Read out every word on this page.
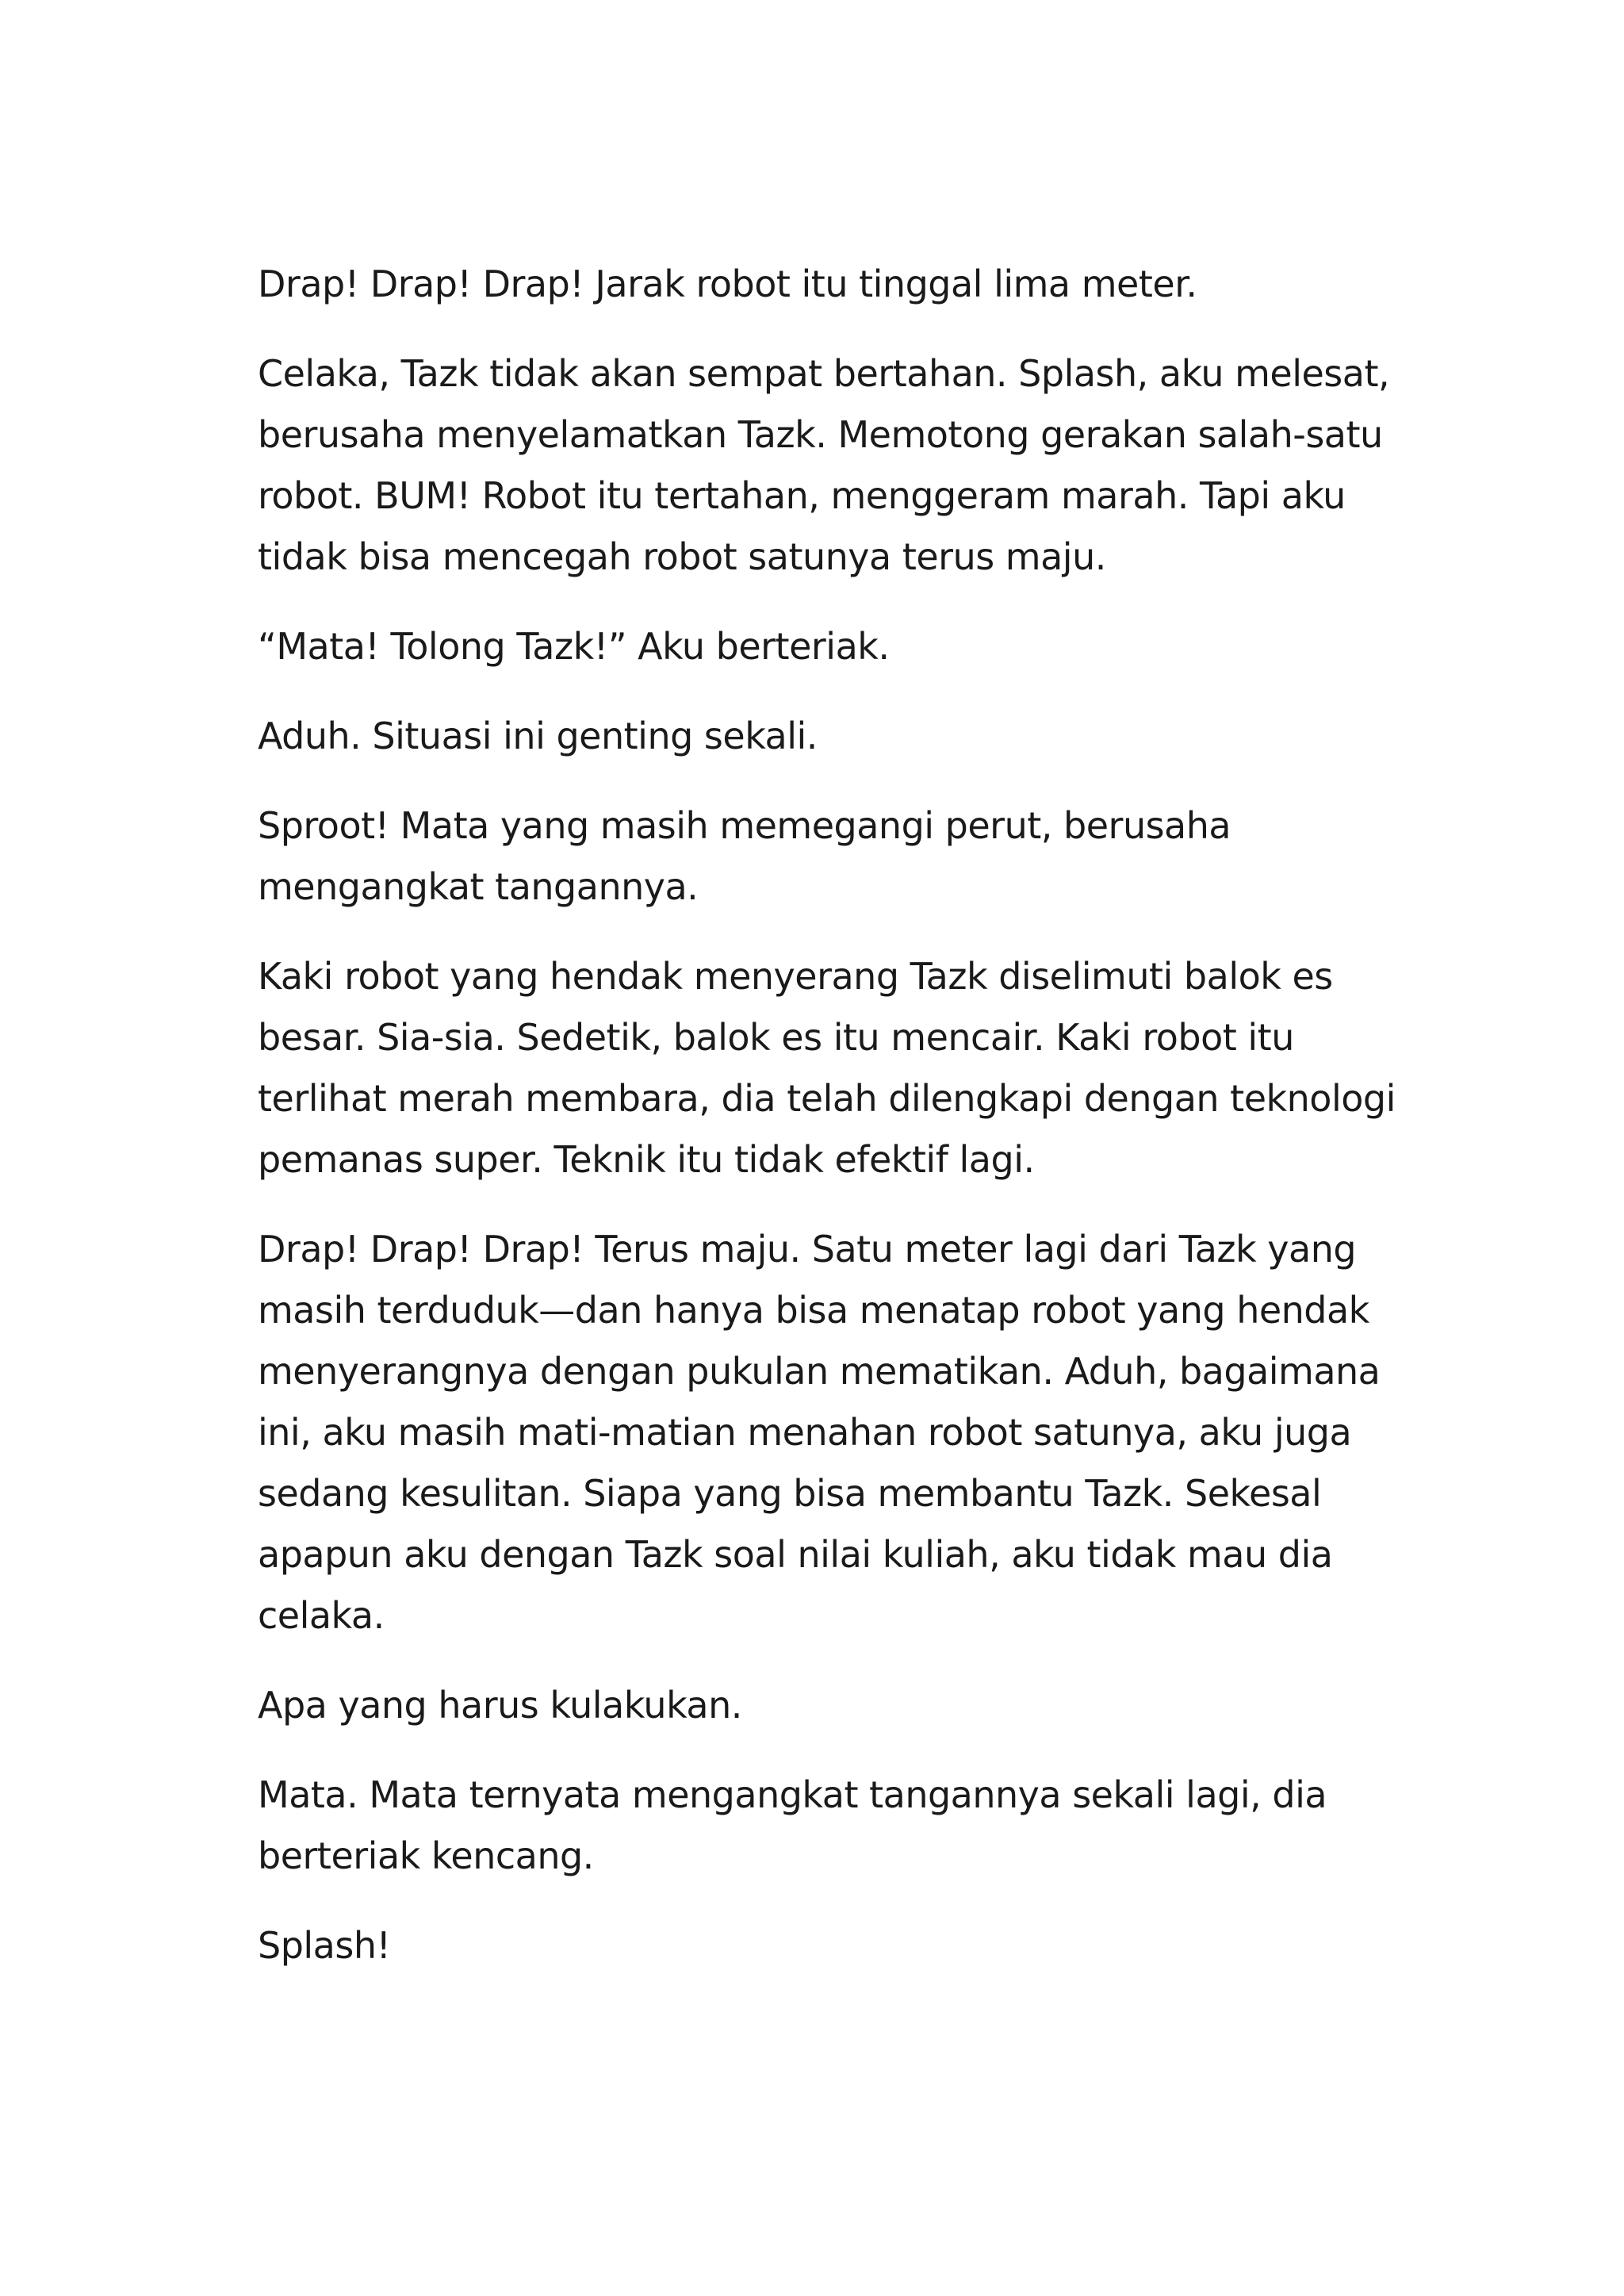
Drap! Drap! Drap! Jarak robot itu tinggal lima meter.

Celaka, Tazk tidak akan sempat bertahan. Splash, aku melesat, berusaha menyelamatkan Tazk. Memotong gerakan salah-satu robot. BUM! Robot itu tertahan, menggeram marah. Tapi aku tidak bisa mencegah robot satunya terus maju.

“Mata! Tolong Tazk!” Aku berteriak.

Aduh. Situasi ini genting sekali.

Sproot! Mata yang masih memegangi perut, berusaha mengangkat tangannya.

Kaki robot yang hendak menyerang Tazk diselimuti balok es besar. Sia-sia. Sedetik, balok es itu mencair. Kaki robot itu terlihat merah membara, dia telah dilengkapi dengan teknologi pemanas super. Teknik itu tidak efektif lagi.

Drap! Drap! Drap! Terus maju. Satu meter lagi dari Tazk yang masih terduduk—dan hanya bisa menatap robot yang hendak menyerangnya dengan pukulan mematikan. Aduh, bagaimana ini, aku masih mati-matian menahan robot satunya, aku juga sedang kesulitan. Siapa yang bisa membantu Tazk. Sekesal apapun aku dengan Tazk soal nilai kuliah, aku tidak mau dia celaka.

Apa yang harus kulakukan.

Mata. Mata ternyata mengangkat tangannya sekali lagi, dia berteriak kencang.

Splash!
